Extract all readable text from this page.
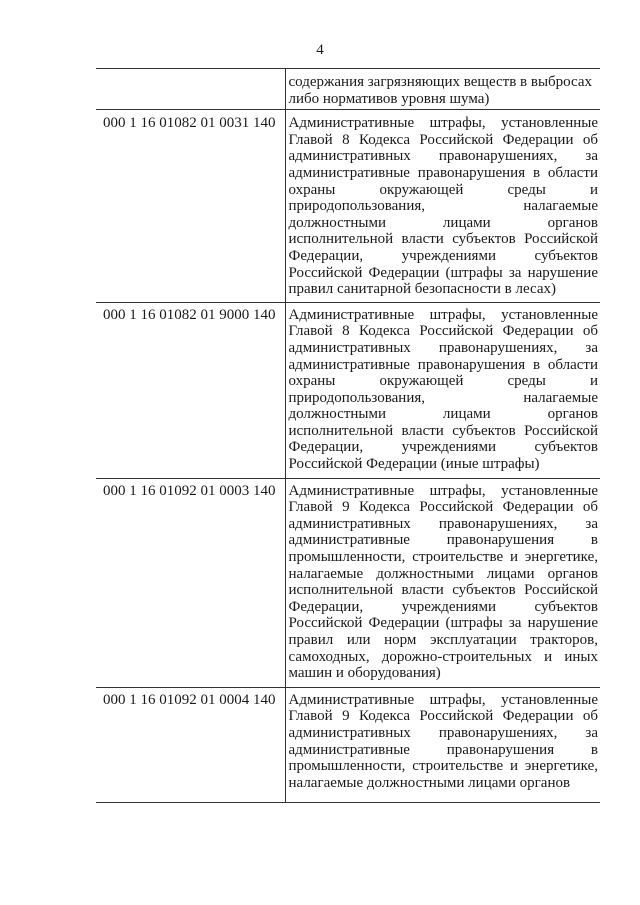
4
	содержания загрязняющих веществ в выбросах либо нормативов уровня шума)
000 1 16 01082 01 0031 140	Административные штрафы, установленные Главой 8 Кодекса Российской Федерации об административных правонарушениях, за административные правонарушения в области охраны окружающей среды и природопользования, налагаемые должностными лицами органов исполнительной власти субъектов Российской Федерации, учреждениями субъектов Российской Федерации (штрафы за нарушение правил санитарной безопасности в лесах)
000 1 16 01082 01 9000 140	Административные штрафы, установленные Главой 8 Кодекса Российской Федерации об административных правонарушениях, за административные правонарушения в области охраны окружающей среды и природопользования, налагаемые должностными лицами органов исполнительной власти субъектов Российской Федерации, учреждениями субъектов Российской Федерации (иные штрафы)
000 1 16 01092 01 0003 140	Административные штрафы, установленные Главой 9 Кодекса Российской Федерации об административных правонарушениях, за административные правонарушения в промышленности, строительстве и энергетике, налагаемые должностными лицами органов исполнительной власти субъектов Российской Федерации, учреждениями субъектов Российской Федерации (штрафы за нарушение правил или норм эксплуатации тракторов, самоходных, дорожно-строительных и иных машин и оборудования)
000 1 16 01092 01 0004 140	Административные штрафы, установленные Главой 9 Кодекса Российской Федерации об административных правонарушениях, за административные правонарушения в промышленности, строительстве и энергетике, налагаемые должностными лицами органов
